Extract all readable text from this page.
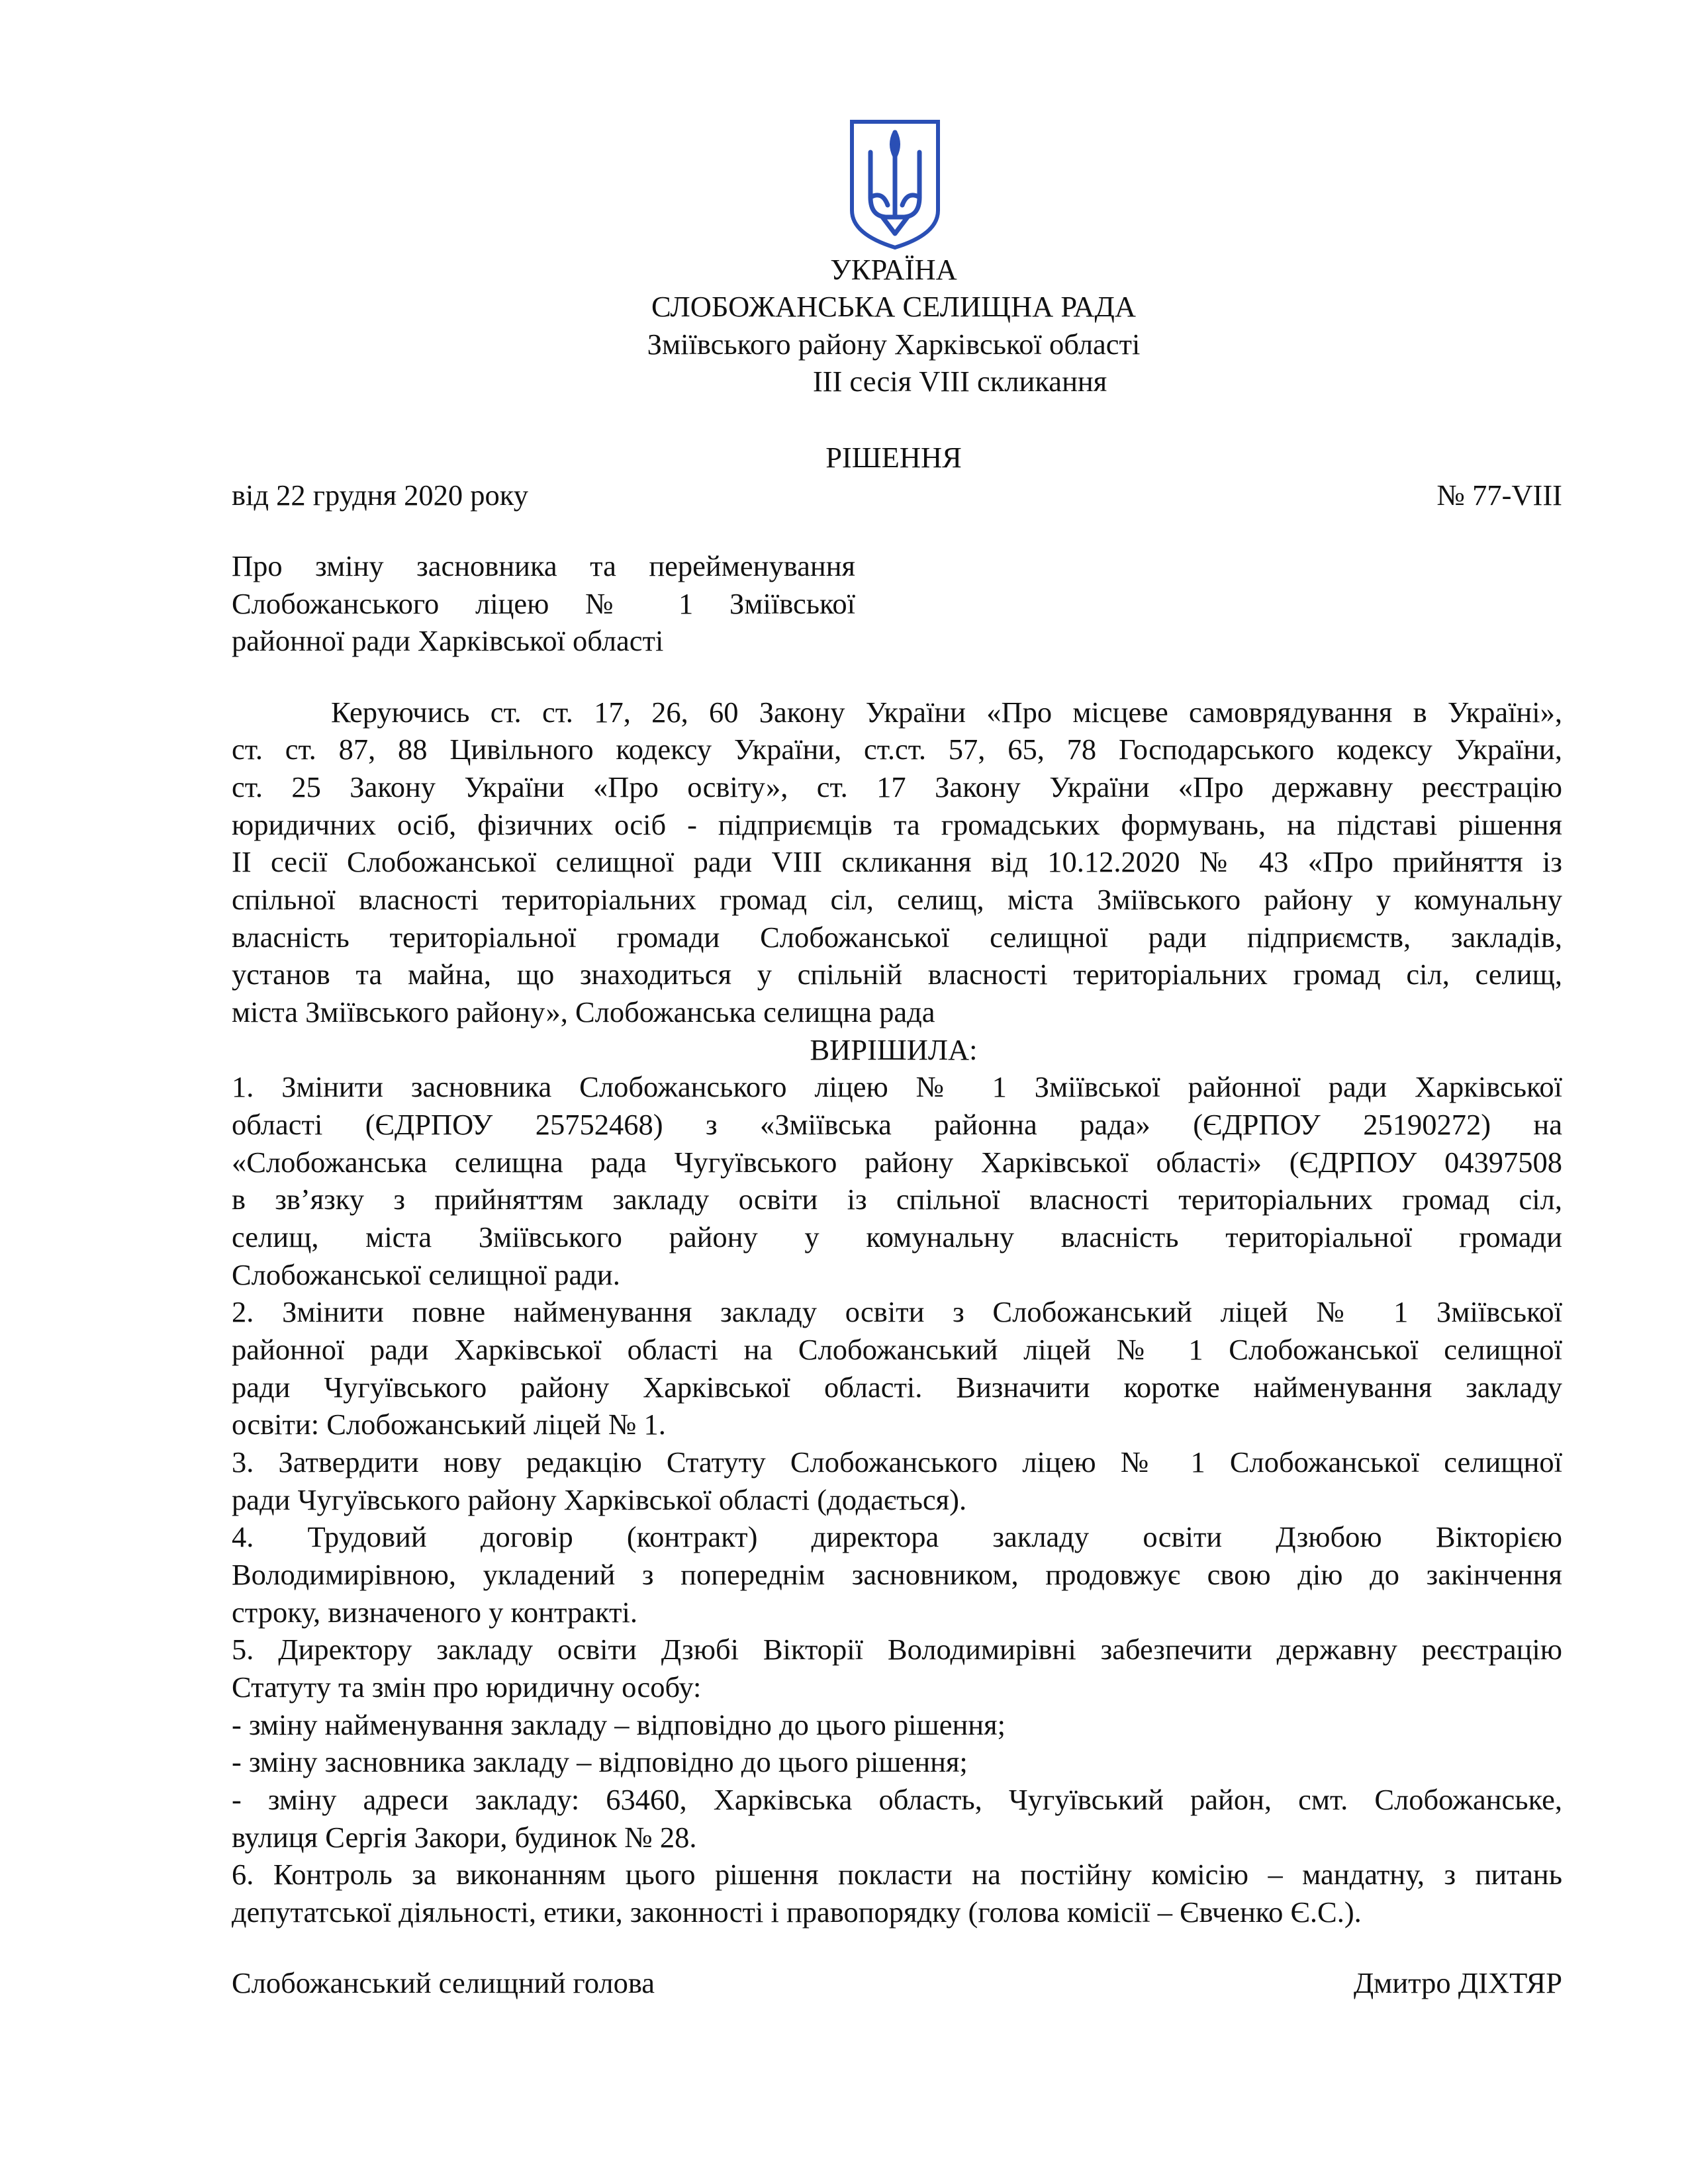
УКРАЇНА
СЛОБОЖАНСЬКА СЕЛИЩНА РАДА
Зміївського району Харківської області
ІІІ сесія VIII скликання
РІШЕННЯ
від 22 грудня 2020 року	№ 77-VIII
Про зміну засновника та перейменування
Слобожанського ліцею № 1 Зміївської
районної ради Харківської області
Керуючись ст. ст. 17, 26, 60 Закону України «Про місцеве самоврядування в Україні»,
ст. ст. 87, 88 Цивільного кодексу України, ст.ст. 57, 65, 78 Господарського кодексу України,
ст. 25 Закону України «Про освіту», ст. 17 Закону України «Про державну реєстрацію
юридичних осіб, фізичних осіб - підприємців та громадських формувань, на підставі рішення
ІІ сесії Слобожанської селищної ради VIII скликання від 10.12.2020 № 43 «Про прийняття із
спільної власності територіальних громад сіл, селищ, міста Зміївського району у комунальну
власність територіальної громади Слобожанської селищної ради підприємств, закладів,
установ та майна, що знаходиться у спільній власності територіальних громад сіл, селищ,
міста Зміївського району», Слобожанська селищна рада
ВИРІШИЛА:
1. Змінити засновника Слобожанського ліцею № 1 Зміївської районної ради Харківської
області (ЄДРПОУ 25752468) з «Зміївська районна рада» (ЄДРПОУ 25190272) на
«Слобожанська селищна рада Чугуївського району Харківської області» (ЄДРПОУ 04397508
в зв’язку з прийняттям закладу освіти із спільної власності територіальних громад сіл,
селищ, міста Зміївського району у комунальну власність територіальної громади
Слобожанської селищної ради.
2. Змінити повне найменування закладу освіти з Слобожанський ліцей № 1 Зміївської
районної ради Харківської області на Слобожанський ліцей № 1 Слобожанської селищної
ради Чугуївського району Харківської області. Визначити коротке найменування закладу
освіти: Слобожанський ліцей № 1.
3. Затвердити нову редакцію Статуту Слобожанського ліцею № 1 Слобожанської селищної
ради Чугуївського району Харківської області (додається).
4. Трудовий договір (контракт) директора закладу освіти Дзюбою Вікторією
Володимирівною, укладений з попереднім засновником, продовжує свою дію до закінчення
строку, визначеного у контракті.
5. Директору закладу освіти Дзюбі Вікторії Володимирівні забезпечити державну реєстрацію
Статуту та змін про юридичну особу:
- зміну найменування закладу – відповідно до цього рішення;
- зміну засновника закладу – відповідно до цього рішення;
- зміну адреси закладу: 63460, Харківська область, Чугуївський район, смт. Слобожанське,
вулиця Сергія Закори, будинок № 28.
6. Контроль за виконанням цього рішення покласти на постійну комісію – мандатну, з питань
депутатської діяльності, етики, законності і правопорядку (голова комісії – Євченко Є.С.).
Слобожанський селищний голова	Дмитро ДІХТЯР
